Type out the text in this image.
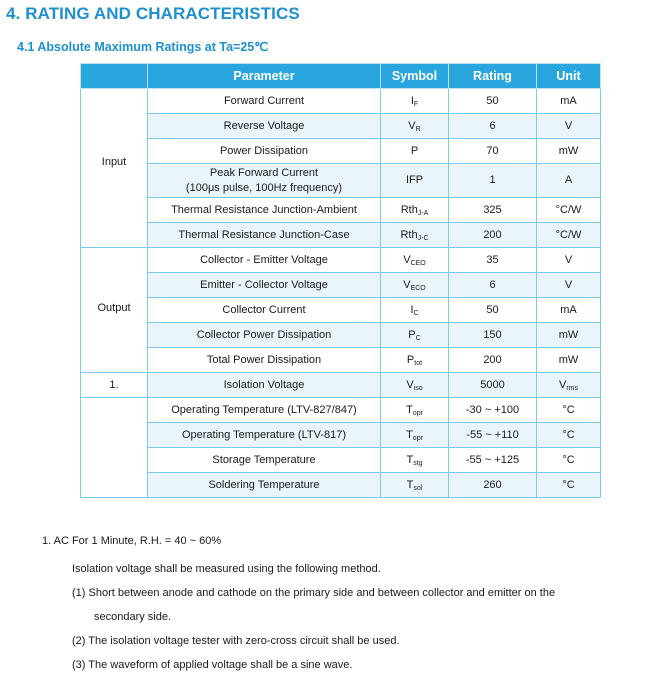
4. RATING AND CHARACTERISTICS
4.1 Absolute Maximum Ratings at Ta=25℃
	Parameter	Symbol	Rating	Unit
Input	Forward Current	$I_F$	50	mA
	Reverse Voltage	$V_R$	6	V
	Power Dissipation	P	70	mW
	Peak Forward Current
(100μs pulse, 100Hz frequency)	IFP	1	A
	Thermal Resistance Junction-Ambient	Rth$_{J-A}$	325	°C/W
	Thermal Resistance Junction-Case	Rth$_{J-C}$	200	°C/W
Output	Collector - Emitter Voltage	$V_{CEO}$	35	V
	Emitter - Collector Voltage	$V_{ECO}$	6	V
	Collector Current	$I_C$	50	mA
	Collector Power Dissipation	$P_C$	150	mW
	Total Power Dissipation	$P_{tot}$	200	mW
1.	Isolation Voltage	$V_{iso}$	5000	$V_{rms}$
	Operating Temperature (LTV-827/847)	$T_{opr}$	-30 ~ +100	°C
	Operating Temperature (LTV-817)	$T_{opr}$	-55 ~ +110	°C
	Storage Temperature	$T_{stg}$	-55 ~ +125	°C
	Soldering Temperature	$T_{sol}$	260	°C
1. AC For 1 Minute, R.H. = 40 ~ 60%
Isolation voltage shall be measured using the following method.
(1) Short between anode and cathode on the primary side and between collector and emitter on the
secondary side.
(2) The isolation voltage tester with zero-cross circuit shall be used.
(3) The waveform of applied voltage shall be a sine wave.
